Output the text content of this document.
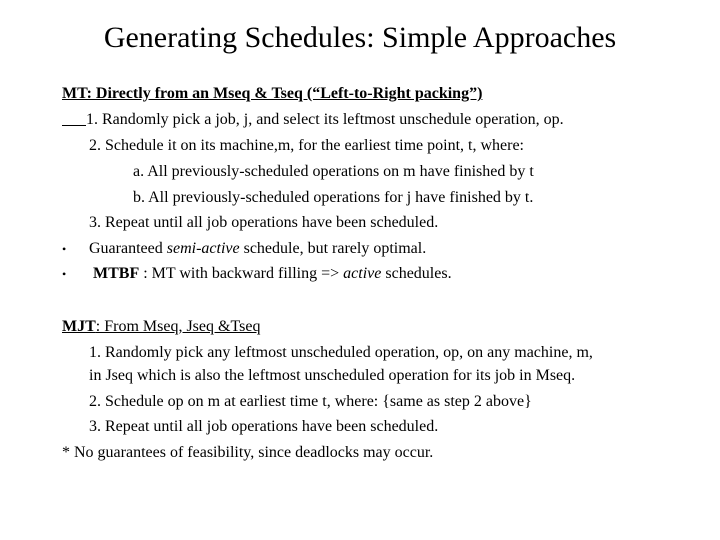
Generating Schedules: Simple Approaches
MT: Directly from an Mseq & Tseq (“Left-to-Right packing”)
1. Randomly pick a job, j, and select its leftmost unschedule operation, op.
2. Schedule it on its machine,m, for the earliest time point, t, where:
a. All previously-scheduled operations on m have finished by t
b. All previously-scheduled operations for j have finished by t.
3. Repeat until all job operations have been scheduled.
• Guaranteed semi-active schedule, but rarely optimal.
• MTBF : MT with backward filling => active schedules.
MJT: From Mseq, Jseq &Tseq
1. Randomly pick any leftmost unscheduled operation, op, on any machine, m,
in Jseq which is also the leftmost unscheduled operation for its job in Mseq.
2. Schedule op on m at earliest time t, where: {same as step 2 above}
3. Repeat until all job operations have been scheduled.
* No guarantees of feasibility, since deadlocks may occur.
